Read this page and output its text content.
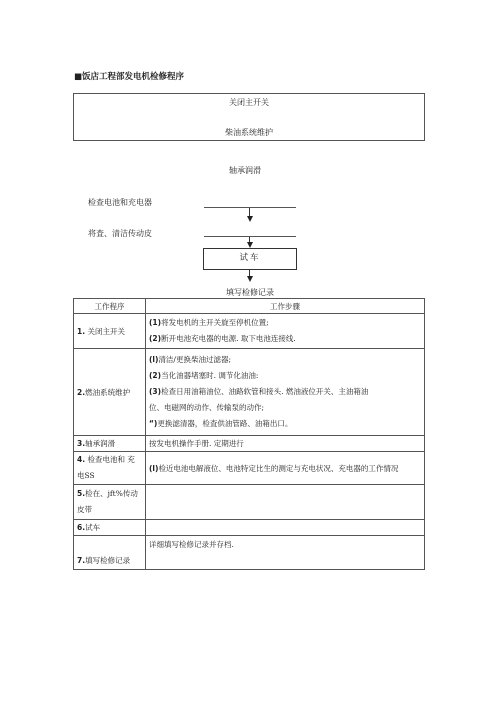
■饭店工程部发电机检修程序
关闭主开关
柴油系统维护
轴承润滑
检查电池和充电器
将査、清洁传动皮
试车
填写检修记录
工作程序	工作步骤
1. 关闭主开关	(1)将发电机的主开关旋至停机位置;
(2)断开电池充电器的电源. 取下电池连接线.

2.燃油系统维护	(l)清洁/更换柴油过滤器;
(2)当化油器堵塞时. 调节化油油:
(3)检查日用油箱油位、油路软管和接头. 燃油液位开关、主油箱油
位、电磁网的动作、传输泵的动作;
“)更换滤清器，检査供油管路、油箱出口。

3.轴承润滑	按发电机操作手册. 定期进行
4. 检查电池和 充电SS	(l)检近电池电解液位、电池特定比生的测定与充电状况、充电器的工作情况
5.检在、jft%传动 皮带	
6.试车	
7.填写检修记录	详细填写检修记录并存档.
